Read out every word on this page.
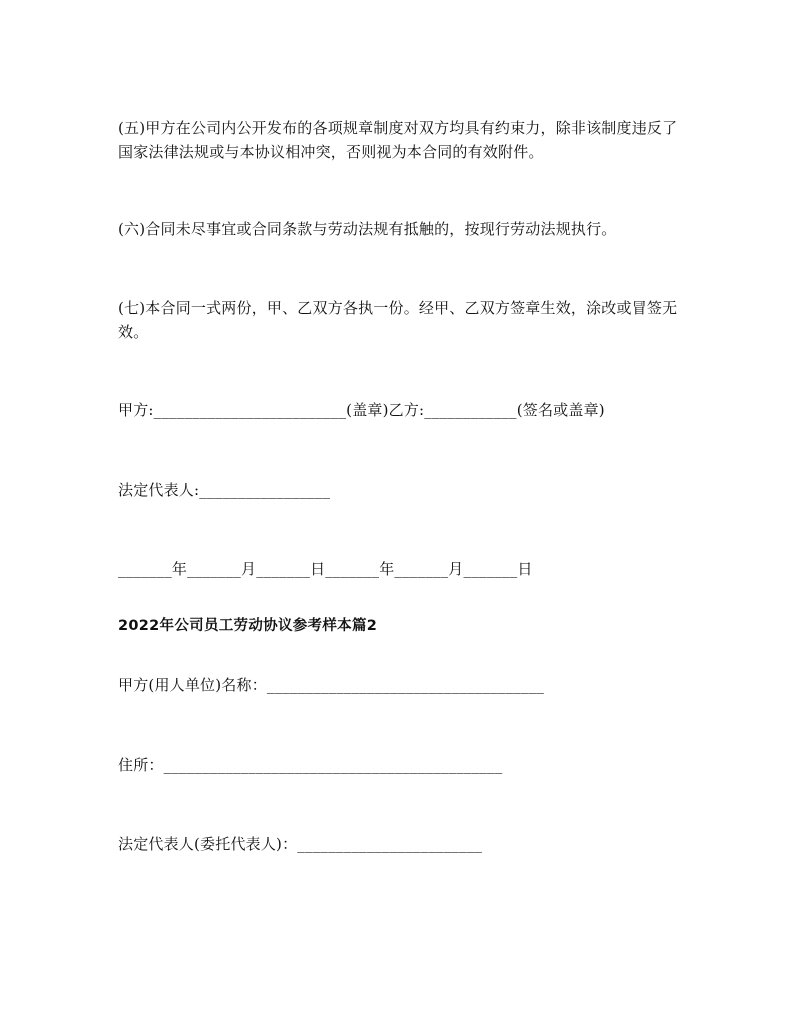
(五)甲方在公司内公开发布的各项规章制度对双方均具有约束力，除非该制度违反了国家法律法规或与本协议相冲突，否则视为本合同的有效附件。
(六)合同未尽事宜或合同条款与劳动法规有抵触的，按现行劳动法规执行。
(七)本合同一式两份，甲、乙双方各执一份。经甲、乙双方签章生效，涂改或冒签无效。
甲方:_________________________(盖章)乙方:____________(签名或盖章)
法定代表人:_________________
_______年_______月_______日_______年_______月_______日
2022年公司员工劳动协议参考样本篇2
甲方(用人单位)名称：____________________________________
住所：____________________________________________
法定代表人(委托代表人)：________________________
